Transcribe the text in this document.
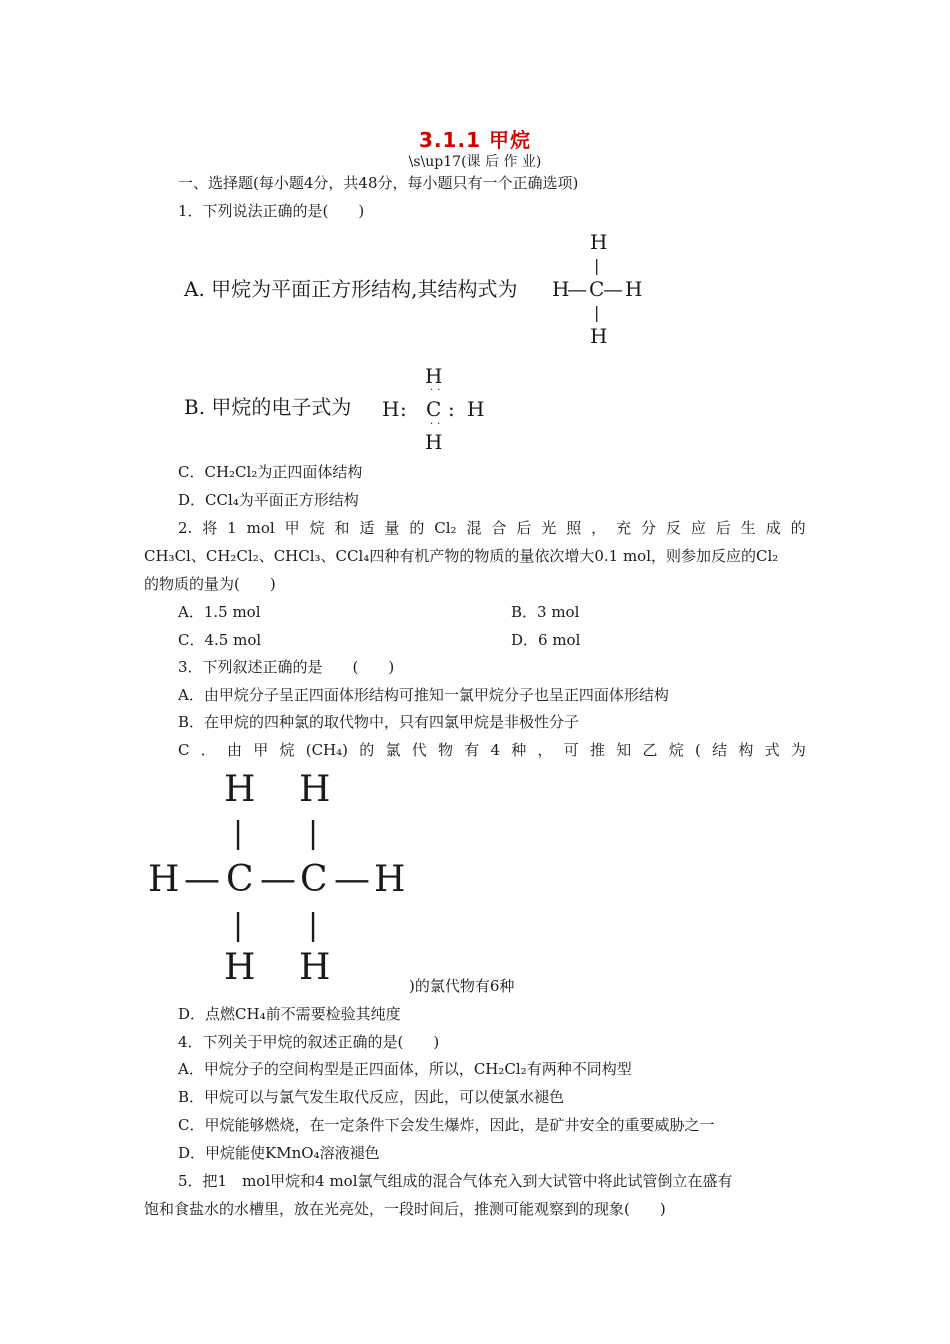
3.1.1 甲烷
\s\up17(课 后 作 业)
一、选择题(每小题4分，共48分，每小题只有一个正确选项)
1．下列说法正确的是(　　)
A. 甲烷为平面正方形结构,其结构式为
H
|
H
— C
— H
|
H
B. 甲烷的电子式为 H :
H
C
H
: H
··
··
C．CH₂Cl₂为正四面体结构
D．CCl₄为平面正方形结构
2. 将 1 mol 甲 烷 和 适 量 的 Cl₂ 混 合 后 光 照 ， 充 分 反 应 后 生 成 的
CH₃Cl、CH₂Cl₂、CHCl₃、CCl₄四种有机产物的物质的量依次增大0.1 mol，则参加反应的Cl₂
的物质的量为(　　)
A．1.5 mol	B．3 mol
C．4.5 mol	D．6 mol
3．下列叙述正确的是　　(　　)
A．由甲烷分子呈正四面体形结构可推知一氯甲烷分子也呈正四面体形结构
B．在甲烷的四种氯的取代物中，只有四氯甲烷是非极性分子
C ． 由 甲 烷 (CH₄) 的 氯 代 物 有 4 种 ， 可 推 知 乙 烷 ( 结 构 式 为
H H
| |
H — C — C — H
| |
H H	)的氯代物有6种
D．点燃CH₄前不需要检验其纯度
4．下列关于甲烷的叙述正确的是(　　)
A．甲烷分子的空间构型是正四面体，所以，CH₂Cl₂有两种不同构型
B．甲烷可以与氯气发生取代反应，因此，可以使氯水褪色
C．甲烷能够燃烧，在一定条件下会发生爆炸，因此，是矿井安全的重要威胁之一
D．甲烷能使KMnO₄溶液褪色
5．把1　mol甲烷和4 mol氯气组成的混合气体充入到大试管中将此试管倒立在盛有
饱和食盐水的水槽里，放在光亮处，一段时间后，推测可能观察到的现象(　　)
